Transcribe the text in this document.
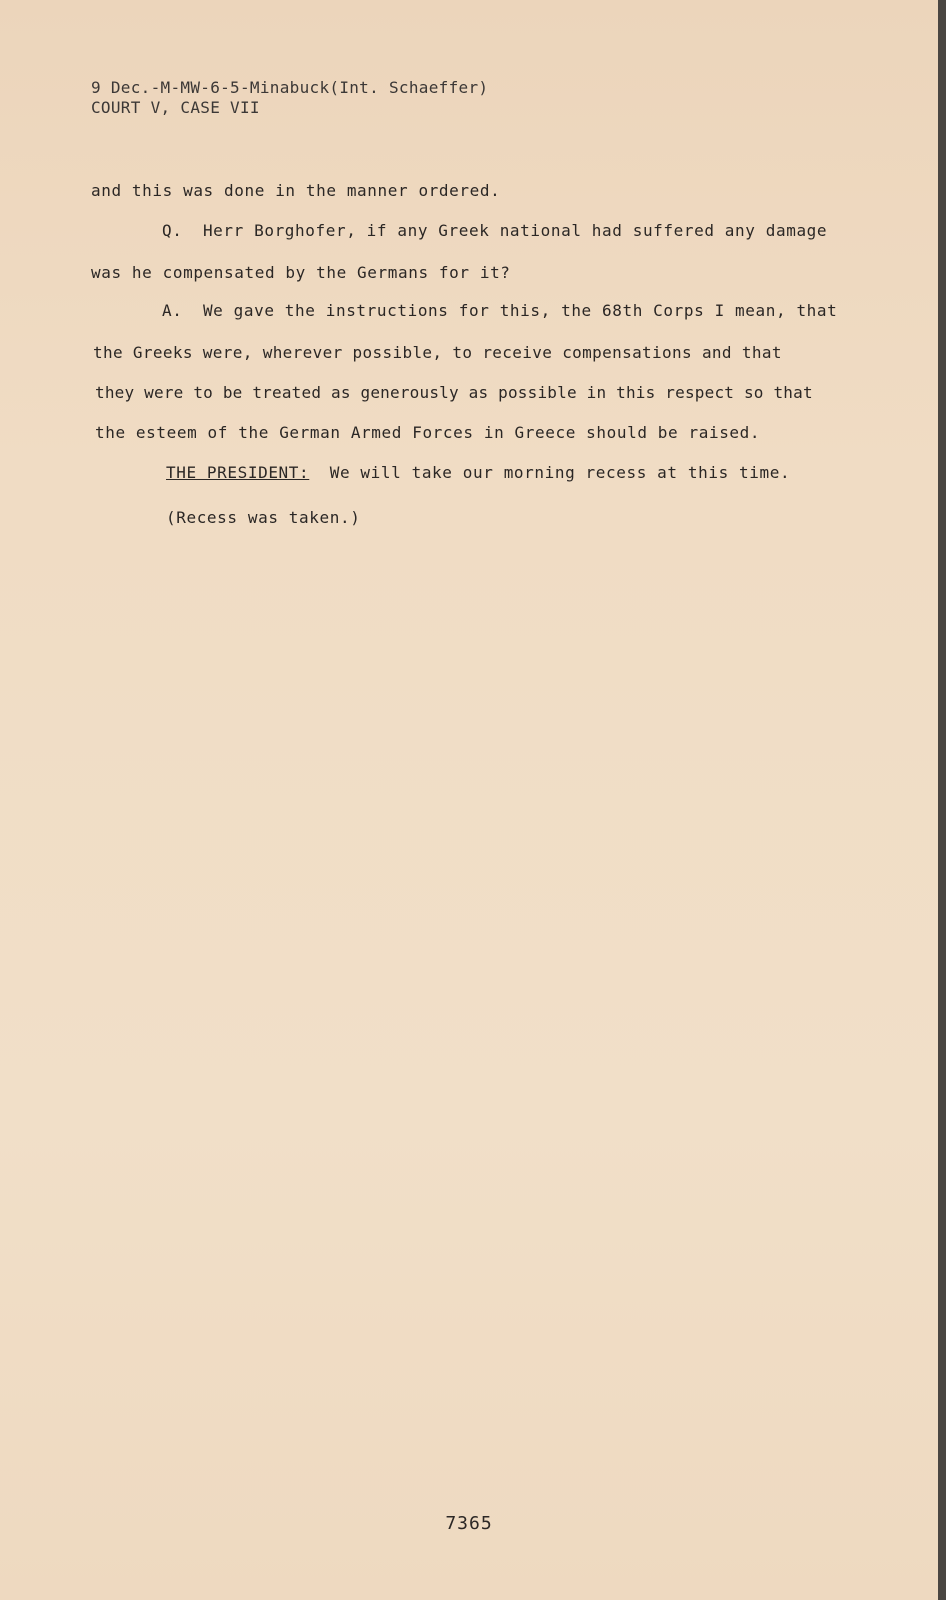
9 Dec.-M-MW-6-5-Minabuck(Int. Schaeffer)
COURT V, CASE VII
and this was done in the manner ordered.
Q. Herr Borghofer, if any Greek national had suffered any damage
was he compensated by the Germans for it?
A. We gave the instructions for this, the 68th Corps I mean, that
the Greeks were, wherever possible, to receive compensations and that
they were to be treated as generously as possible in this respect so that
the esteem of the German Armed Forces in Greece should be raised.
THE PRESIDENT: We will take our morning recess at this time.
(Recess was taken.)
7365
